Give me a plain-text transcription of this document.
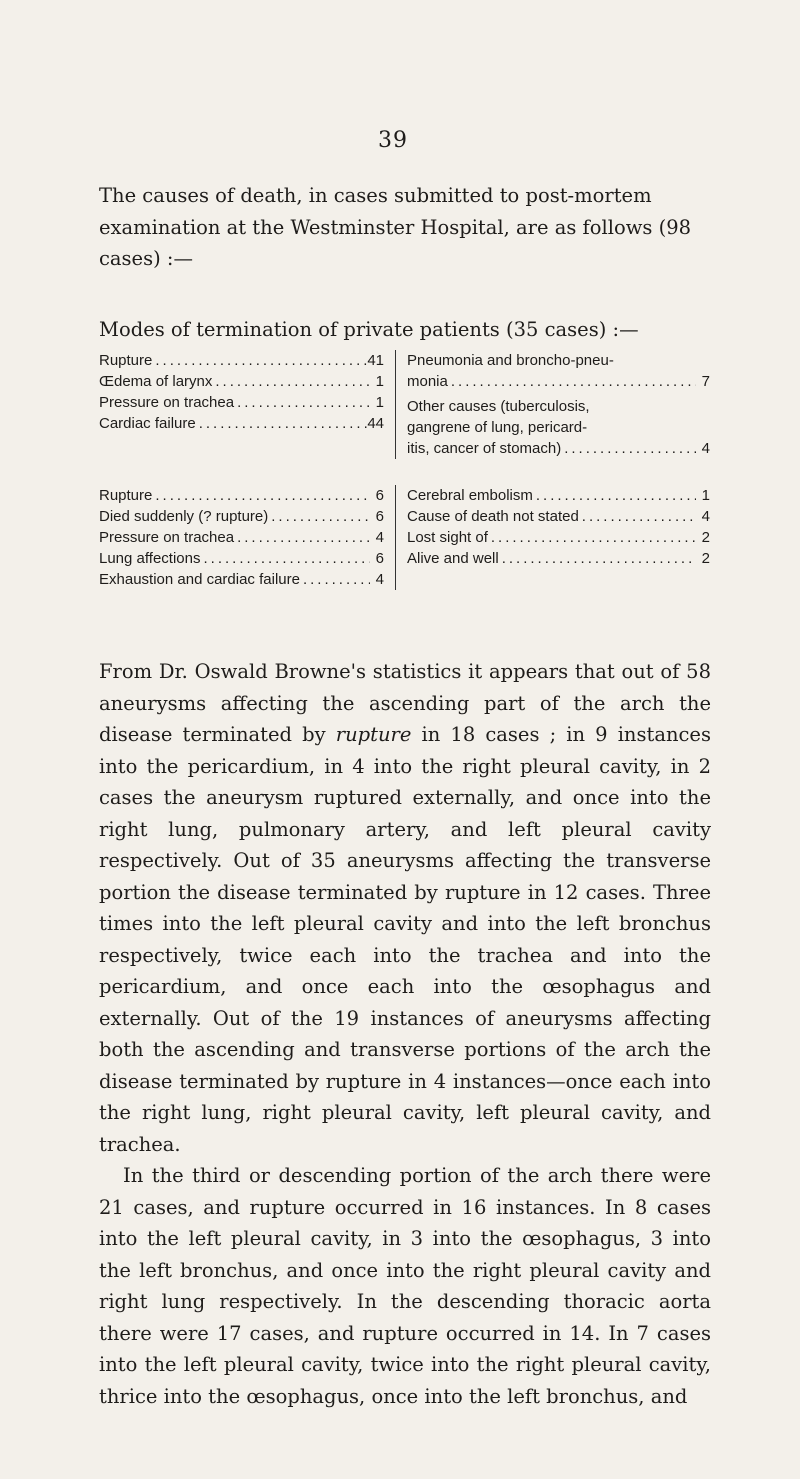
39

The causes of death, in cases submitted to post-mortem examination at the Westminster Hospital, are as follows (98 cases) :—

Rupture .....	41
Œdema of larynx .....	1
Pressure on trachea .....	1
Cardiac failure .....	44
Pneumonia and broncho-pneu-
monia .....	7
Other causes (tuberculosis,
gangrene of lung, pericard-
itis, cancer of stomach) .....	4

Modes of termination of private patients (35 cases) :—

Rupture .....	6
Died suddenly (? rupture) .....	6
Pressure on trachea .....	4
Lung affections .....	6
Exhaustion and cardiac failure .....	4
Cerebral embolism .....	1
Cause of death not stated .....	4
Lost sight of .....	2
Alive and well .....	2

From Dr. Oswald Browne's statistics it appears that out of 58 aneurysms affecting the ascending part of the arch the disease terminated by rupture in 18 cases ; in 9 instances into the pericardium, in 4 into the right pleural cavity, in 2 cases the aneurysm ruptured externally, and once into the right lung, pulmonary artery, and left pleural cavity respectively. Out of 35 aneurysms affecting the transverse portion the disease terminated by rupture in 12 cases. Three times into the left pleural cavity and into the left bronchus respectively, twice each into the trachea and into the pericardium, and once each into the œsophagus and externally. Out of the 19 instances of aneurysms affecting both the ascending and transverse portions of the arch the disease terminated by rupture in 4 instances—once each into the right lung, right pleural cavity, left pleural cavity, and trachea.

In the third or descending portion of the arch there were 21 cases, and rupture occurred in 16 instances. In 8 cases into the left pleural cavity, in 3 into the œsophagus, 3 into the left bronchus, and once into the right pleural cavity and right lung respectively. In the descending thoracic aorta there were 17 cases, and rupture occurred in 14. In 7 cases into the left pleural cavity, twice into the right pleural cavity, thrice into the œsophagus, once into the left bronchus, and
